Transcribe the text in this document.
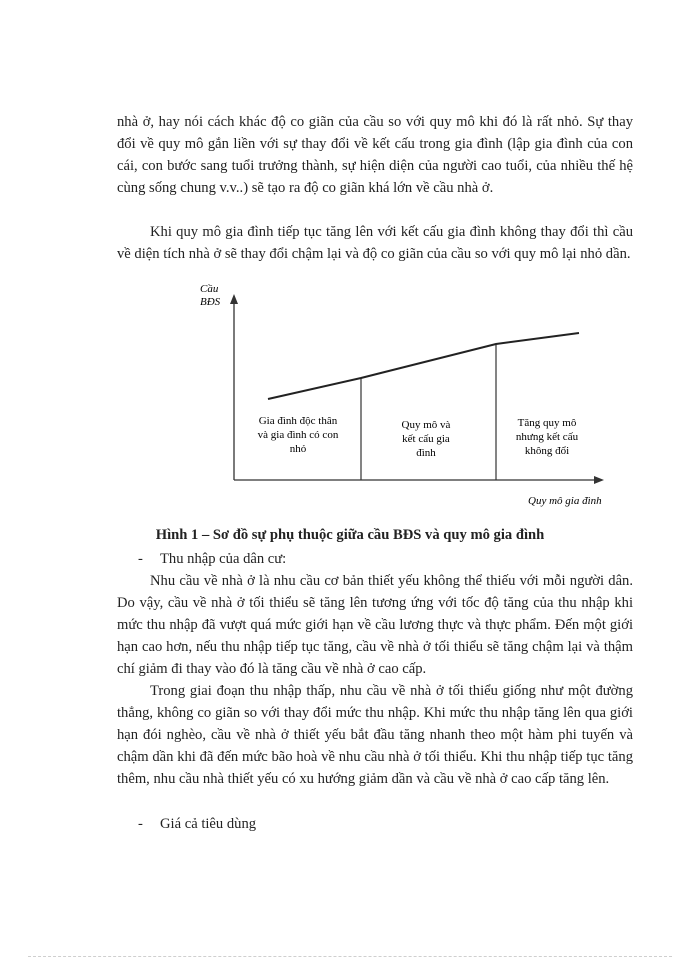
nhà ở, hay nói cách khác độ co giãn của cầu so với quy mô khi đó là rất nhỏ. Sự thay đổi về quy mô gắn liền với sự thay đổi về kết cấu trong gia đình (lập gia đình của con cái, con bước sang tuổi trưởng thành, sự hiện diện của người cao tuổi, của nhiều thế hệ cùng sống chung v.v..) sẽ tạo ra độ co giãn khá lớn về cầu nhà ở.

Khi quy mô gia đình tiếp tục tăng lên với kết cấu gia đình không thay đổi thì cầu về diện tích nhà ở sẽ thay đổi chậm lại và độ co giãn của cầu so với quy mô lại nhỏ dần.

Cầu
BĐS
Quy mô gia đình
Gia đình độc thân
và gia đình có con
nhỏ
Quy mô và
kết cấu gia
đình
Tăng quy mô
nhưng kết cấu
không đổi
Hình 1 – Sơ đồ sự phụ thuộc giữa cầu BĐS và quy mô gia đình
- Thu nhập của dân cư:

Nhu cầu về nhà ở là nhu cầu cơ bản thiết yếu không thể thiếu với mỗi người dân. Do vậy, cầu về nhà ở tối thiểu sẽ tăng lên tương ứng với tốc độ tăng của thu nhập khi mức thu nhập đã vượt quá mức giới hạn về cầu lương thực và thực phẩm. Đến một giới hạn cao hơn, nếu thu nhập tiếp tục tăng, cầu về nhà ở tối thiểu sẽ tăng chậm lại và thậm chí giảm đi thay vào đó là tăng cầu về nhà ở cao cấp.

Trong giai đoạn thu nhập thấp, nhu cầu về nhà ở tối thiểu giống như một đường thẳng, không co giãn so với thay đổi mức thu nhập. Khi mức thu nhập tăng lên qua giới hạn đói nghèo, cầu về nhà ở thiết yếu bắt đầu tăng nhanh theo một hàm phi tuyến và chậm dần khi đã đến mức bão hoà về nhu cầu nhà ở tối thiểu. Khi thu nhập tiếp tục tăng thêm, nhu cầu nhà thiết yếu có xu hướng giảm dần và cầu về nhà ở cao cấp tăng lên.

- Giá cả tiêu dùng
